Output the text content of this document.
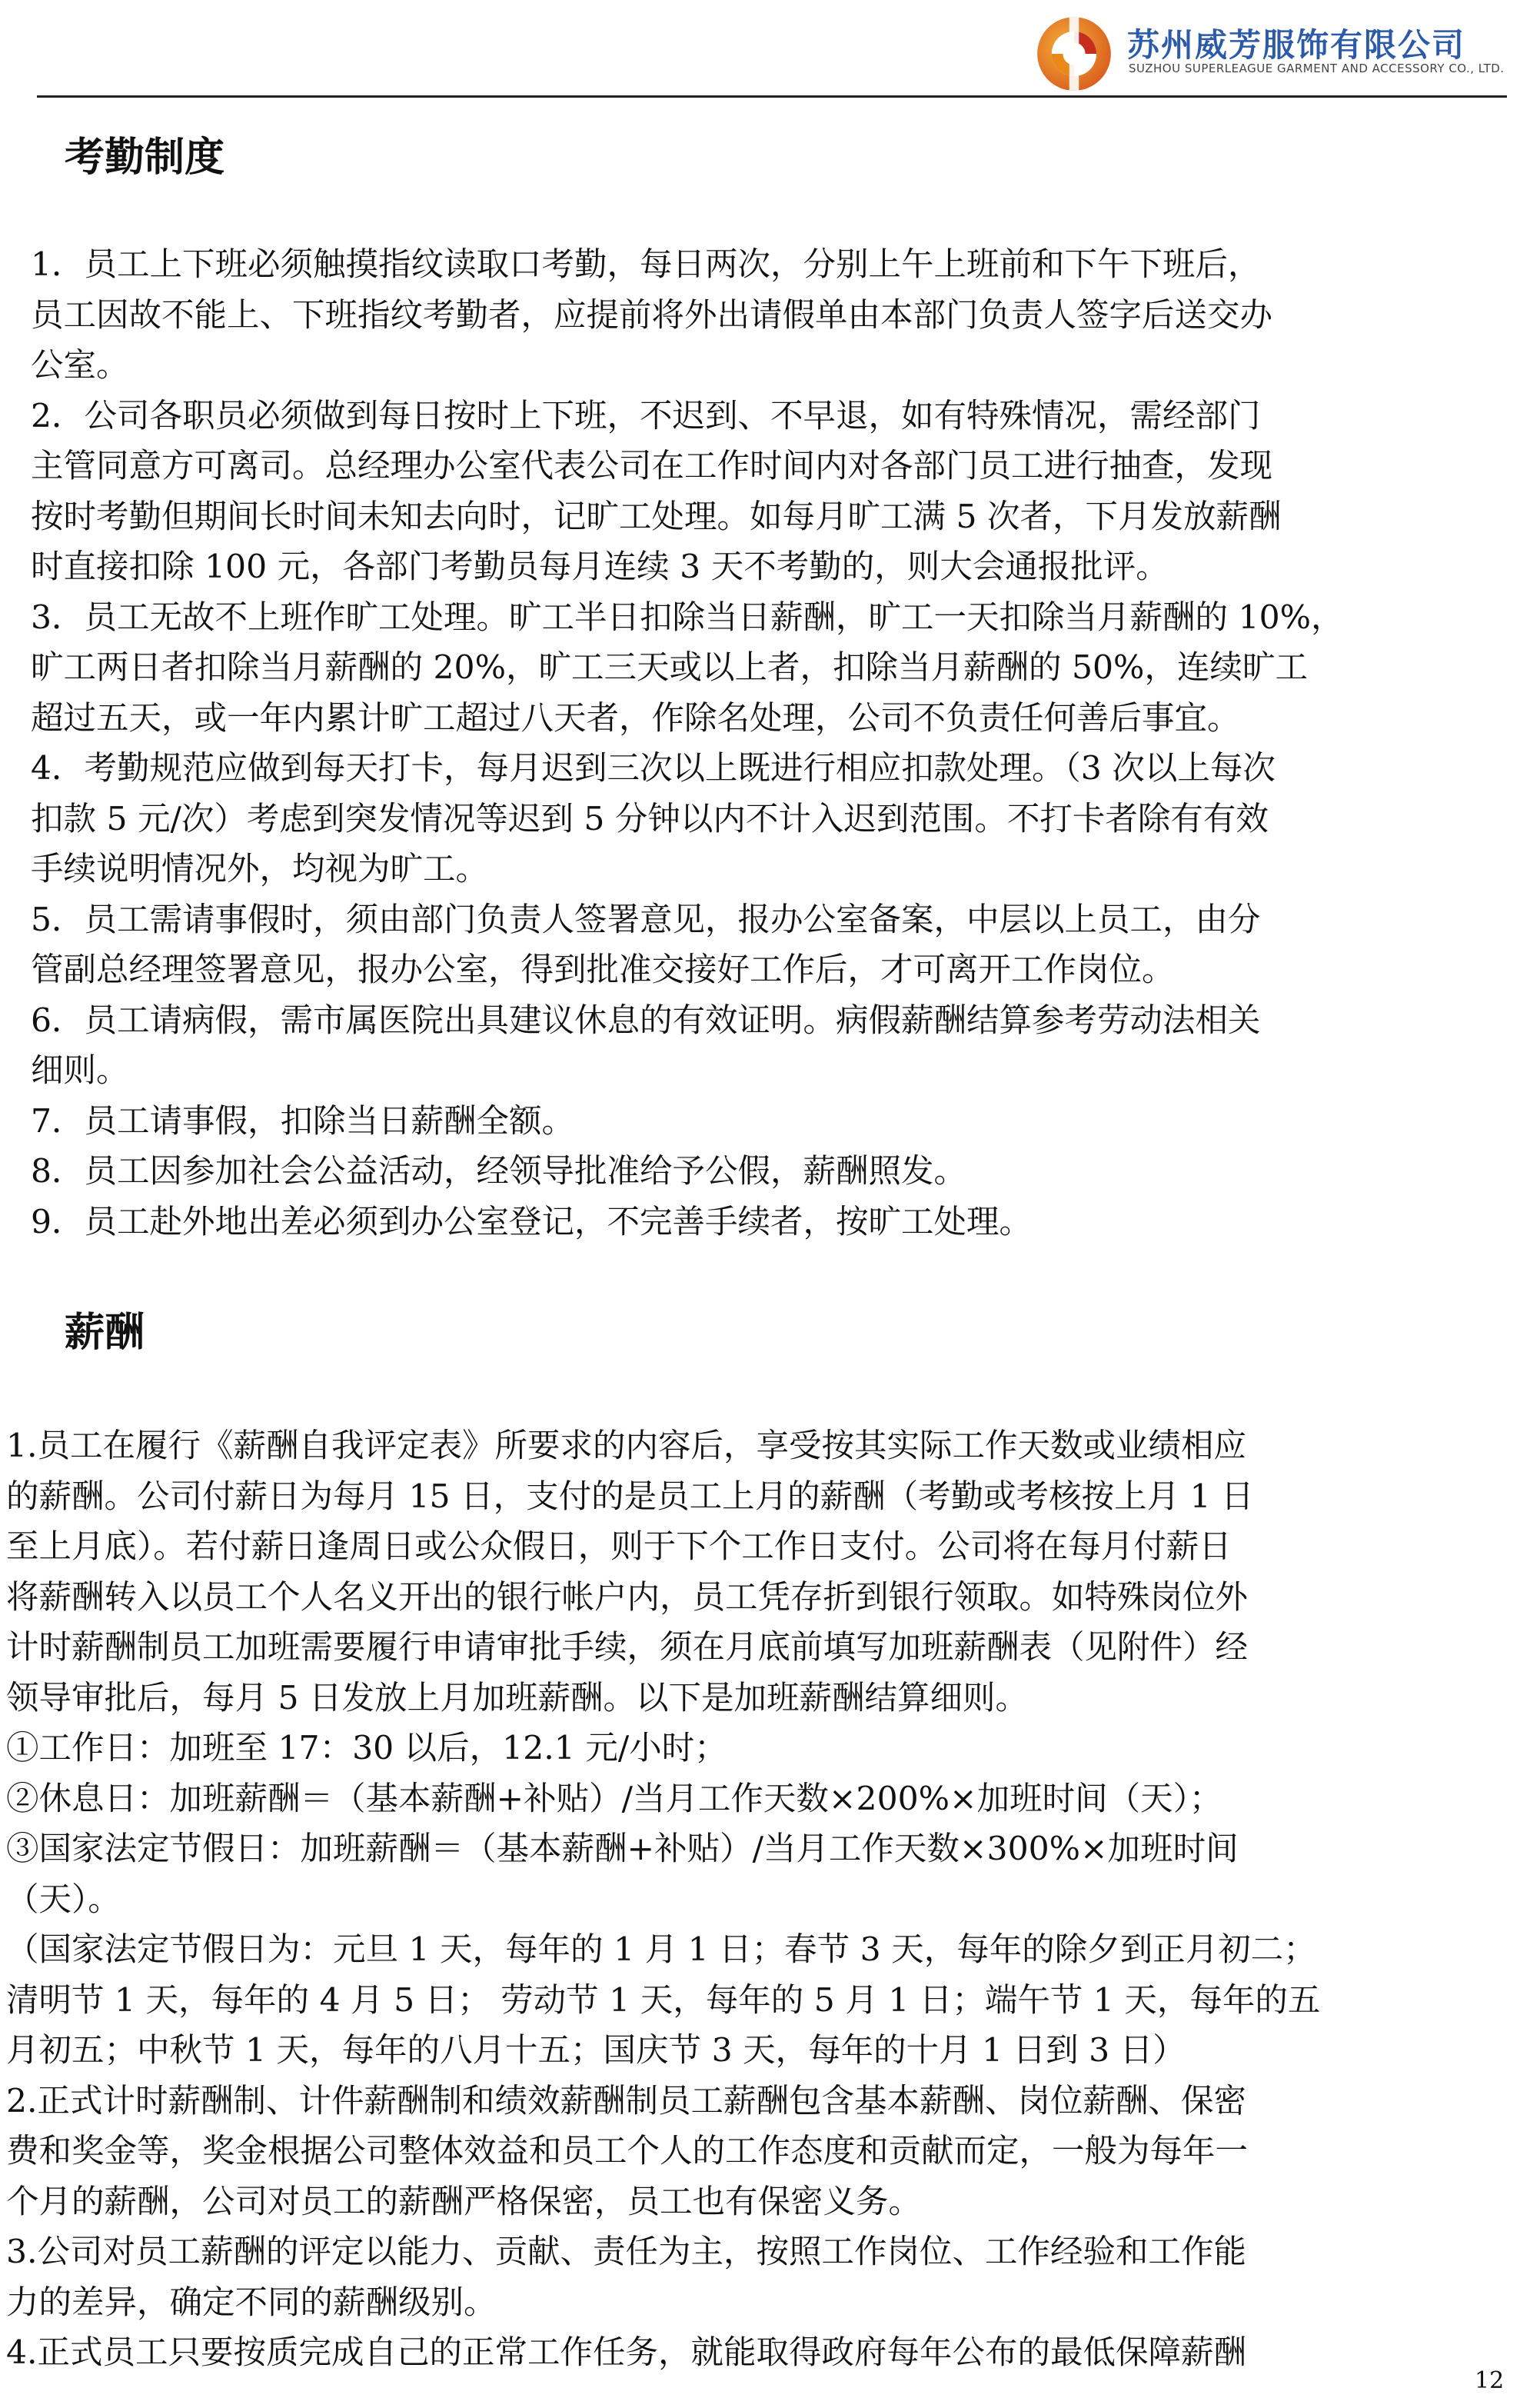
苏州威芳服饰有限公司
SUZHOU SUPERLEAGUE GARMENT AND ACCESSORY CO., LTD.
考勤制度
1．员工上下班必须触摸指纹读取口考勤，每日两次，分别上午上班前和下午下班后，
员工因故不能上、下班指纹考勤者，应提前将外出请假单由本部门负责人签字后送交办
公室。
2．公司各职员必须做到每日按时上下班，不迟到、不早退，如有特殊情况，需经部门
主管同意方可离司。总经理办公室代表公司在工作时间内对各部门员工进行抽查，发现
按时考勤但期间长时间未知去向时，记旷工处理。如每月旷工满 5 次者，下月发放薪酬
时直接扣除 100 元，各部门考勤员每月连续 3 天不考勤的，则大会通报批评。
3．员工无故不上班作旷工处理。旷工半日扣除当日薪酬，旷工一天扣除当月薪酬的 10%，
旷工两日者扣除当月薪酬的 20%，旷工三天或以上者，扣除当月薪酬的 50%，连续旷工
超过五天，或一年内累计旷工超过八天者，作除名处理，公司不负责任何善后事宜。
4．考勤规范应做到每天打卡，每月迟到三次以上既进行相应扣款处理。（3 次以上每次
扣款 5 元/次）考虑到突发情况等迟到 5 分钟以内不计入迟到范围。不打卡者除有有效
手续说明情况外，均视为旷工。
5．员工需请事假时，须由部门负责人签署意见，报办公室备案，中层以上员工，由分
管副总经理签署意见，报办公室，得到批准交接好工作后，才可离开工作岗位。
6．员工请病假，需市属医院出具建议休息的有效证明。病假薪酬结算参考劳动法相关
细则。
7．员工请事假，扣除当日薪酬全额。
8．员工因参加社会公益活动，经领导批准给予公假，薪酬照发。
9．员工赴外地出差必须到办公室登记，不完善手续者，按旷工处理。
薪酬
1.员工在履行《薪酬自我评定表》所要求的内容后，享受按其实际工作天数或业绩相应
的薪酬。公司付薪日为每月 15 日，支付的是员工上月的薪酬（考勤或考核按上月 1 日
至上月底）。若付薪日逢周日或公众假日，则于下个工作日支付。公司将在每月付薪日
将薪酬转入以员工个人名义开出的银行帐户内，员工凭存折到银行领取。如特殊岗位外
计时薪酬制员工加班需要履行申请审批手续，须在月底前填写加班薪酬表（见附件）经
领导审批后，每月 5 日发放上月加班薪酬。以下是加班薪酬结算细则。
①工作日：加班至 17：30 以后，12.1 元/小时；
②休息日：加班薪酬＝（基本薪酬+补贴）/当月工作天数×200%×加班时间（天）；
③国家法定节假日：加班薪酬＝（基本薪酬+补贴）/当月工作天数×300%×加班时间
（天）。
（国家法定节假日为：元旦 1 天，每年的 1 月 1 日；春节 3 天，每年的除夕到正月初二；
清明节 1 天，每年的 4 月 5 日； 劳动节 1 天，每年的 5 月 1 日；端午节 1 天，每年的五
月初五；中秋节 1 天，每年的八月十五；国庆节 3 天，每年的十月 1 日到 3 日）
2.正式计时薪酬制、计件薪酬制和绩效薪酬制员工薪酬包含基本薪酬、岗位薪酬、保密
费和奖金等，奖金根据公司整体效益和员工个人的工作态度和贡献而定，一般为每年一
个月的薪酬，公司对员工的薪酬严格保密，员工也有保密义务。
3.公司对员工薪酬的评定以能力、贡献、责任为主，按照工作岗位、工作经验和工作能
力的差异，确定不同的薪酬级别。
4.正式员工只要按质完成自己的正常工作任务，就能取得政府每年公布的最低保障薪酬
12
